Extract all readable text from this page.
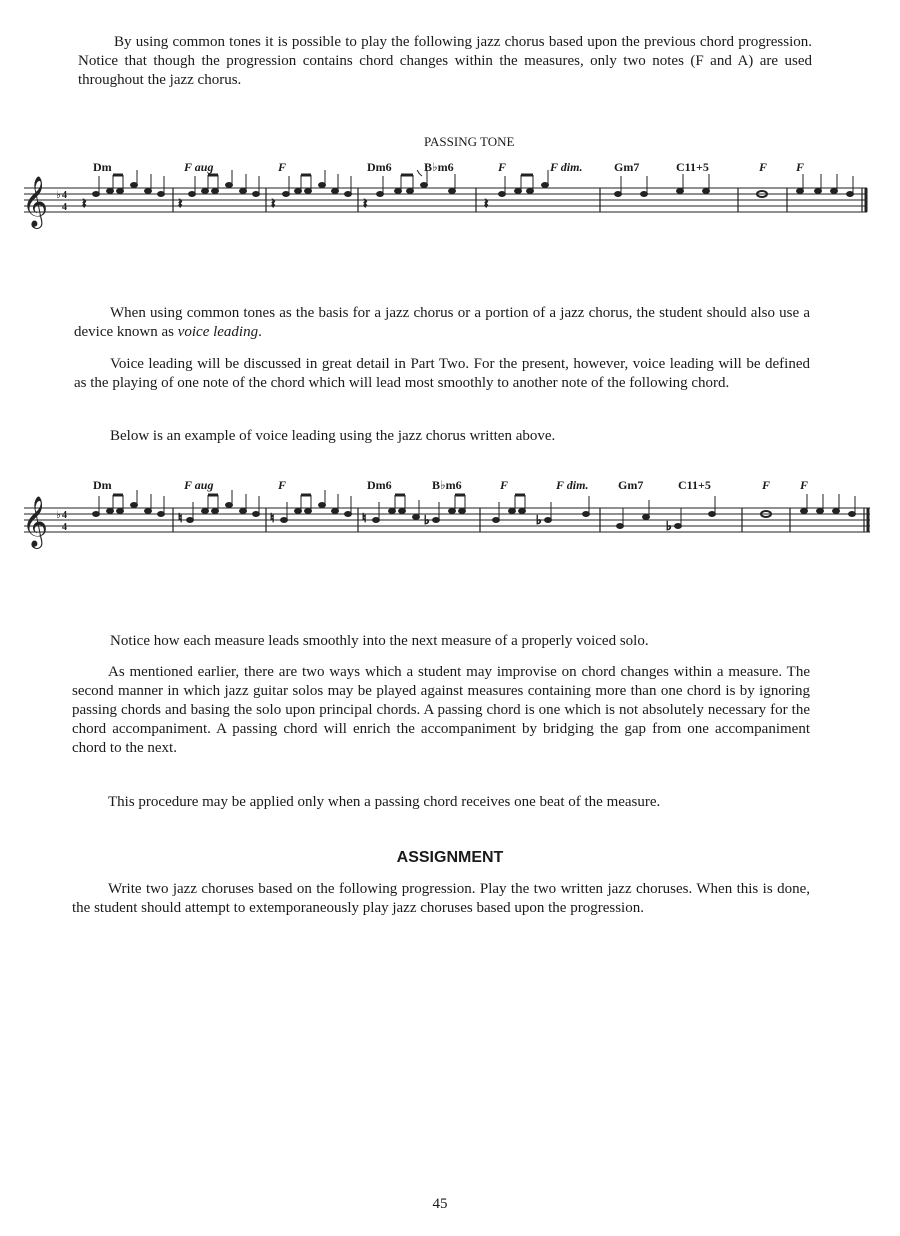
By using common tones it is possible to play the following jazz chorus based upon the previous chord progression. Notice that though the progression contains chord changes within the measures, only two notes (F and A) are used throughout the jazz chorus.

PASSING TONE
Dm	F aug	F	Dm6	B♭m6	F	F dim.	Gm7	C11+5	F F
𝄞 ♭ 4
4 𝄽	𝄽	𝄽	𝄽	𝄽

When using common tones as the basis for a jazz chorus or a portion of a jazz chorus, the student should also use a device known as voice leading.

Voice leading will be discussed in great detail in Part Two. For the present, however, voice leading will be defined as the playing of one note of the chord which will lead most smoothly to another note of the following chord.

Below is an example of voice leading using the jazz chorus written above.

Dm	F aug	F	Dm6	B♭m6	F	F dim. Gm7	C11+5	F F
𝄞 ♭ 4
4
♮	♮	♮	♭	♭	♭

Notice how each measure leads smoothly into the next measure of a properly voiced solo.

As mentioned earlier, there are two ways which a student may improvise on chord changes within a measure. The second manner in which jazz guitar solos may be played against measures containing more than one chord is by ignoring passing chords and basing the solo upon principal chords. A passing chord is one which is not absolutely necessary for the chord accompaniment. A passing chord will enrich the accompaniment by bridging the gap from one accompaniment chord to the next.

This procedure may be applied only when a passing chord receives one beat of the measure.

ASSIGNMENT

Write two jazz choruses based on the following progression. Play the two written jazz choruses. When this is done, the student should attempt to extemporaneously play jazz choruses based upon the progression.

45
